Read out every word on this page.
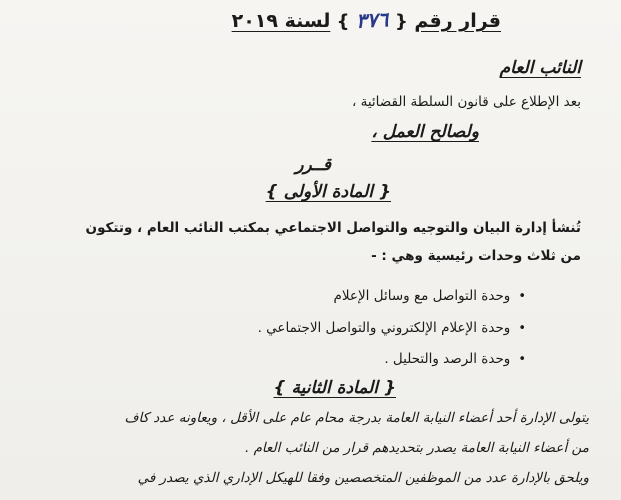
قرار رقم { ٣٧٦ } لسنة ٢٠١٩
النائب العام
بعد الإطلاع على قانون السلطة القضائية ،
ولصالح العمل ،
قــرر
{ المادة الأولى }
تُنشأ إدارة البيان والتوجيه والتواصل الاجتماعي بمكتب النائب العام ، وتتكون
من ثلاث وحدات رئيسية وهي : -
• وحدة التواصل مع وسائل الإعلام
• وحدة الإعلام الإلكتروني والتواصل الاجتماعي .
• وحدة الرصد والتحليل .
{ المادة الثانية }
يتولى الإدارة أحد أعضاء النيابة العامة بدرجة محام عام على الأقل ، ويعاونه عدد كاف
من أعضاء النيابة العامة يصدر بتحديدهم قرار من النائب العام .
ويلحق بالإدارة عدد من الموظفين المتخصصين وفقا للهيكل الإداري الذي يصدر في
